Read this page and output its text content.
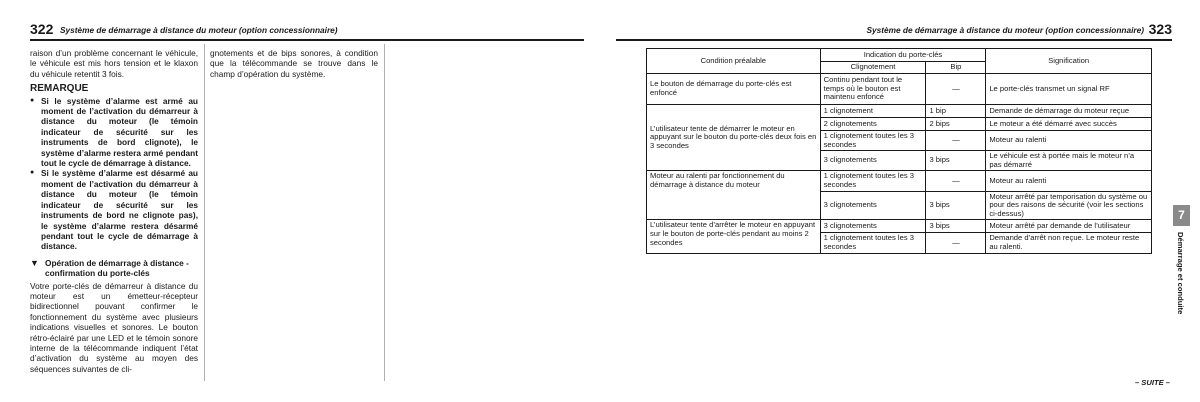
322 Système de démarrage à distance du moteur (option concessionnaire)

raison d’un problème concernant le véhicule, le véhicule est mis hors tension et le klaxon du véhicule retentit 3 fois.

REMARQUE

● Si le système d’alarme est armé au moment de l’activation du démarreur à distance du moteur (le témoin indicateur de sécurité sur les instruments de bord clignote), le système d’alarme restera armé pendant tout le cycle de démarrage à distance.

● Si le système d’alarme est désarmé au moment de l’activation du démarreur à distance du moteur (le témoin indicateur de sécurité sur les instruments de bord ne clignote pas), le système d’alarme restera désarmé pendant tout le cycle de démarrage à distance.

▼ Opération de démarrage à distance - confirmation du porte-clés

Votre porte-clés de démarreur à distance du moteur est un émetteur-récepteur bidirectionnel pouvant confirmer le fonctionnement du système avec plusieurs indications visuelles et sonores. Le bouton rétro-éclairé par une LED et le témoin sonore interne de la télécommande indiquent l’état d’activation du système au moyen des séquences suivantes de cli-

gnotements et de bips sonores, à condition que la télécommande se trouve dans le champ d’opération du système.

Système de démarrage à distance du moteur (option concessionnaire) 323
Condition préalable	Indication du porte-clés		Signification
	Clignotement	Bip	
Le bouton de démarrage du porte-clés est enfoncé	Continu pendant tout le temps où le bouton est maintenu enfoncé	—	Le porte-clés transmet un signal RF
L’utilisateur tente de démarrer le moteur en appuyant sur le bouton du porte-clés deux fois en 3 secondes	1 clignotement	1 bip	Demande de démarrage du moteur reçue
	2 clignotements	2 bips	Le moteur a été démarré avec succès
	1 clignotement toutes les 3 secondes	—	Moteur au ralenti
	3 clignotements	3 bips	Le véhicule est à portée mais le moteur n’a pas démarré
Moteur au ralenti par fonctionnement du démarrage à distance du moteur	1 clignotement toutes les 3 secondes	—	Moteur au ralenti
	3 clignotements	3 bips	Moteur arrêté par temporisation du système ou pour des raisons de sécurité (voir les sections ci-dessus)
L’utilisateur tente d’arrêter le moteur en appuyant sur le bouton de porte-clés pendant au moins 2 secondes	3 clignotements	3 bips	Moteur arrêté par demande de l’utilisateur
	1 clignotement toutes les 3 secondes	—	Demande d’arrêt non reçue. Le moteur reste au ralenti.
7
Démarrage et conduite
– SUITE –
